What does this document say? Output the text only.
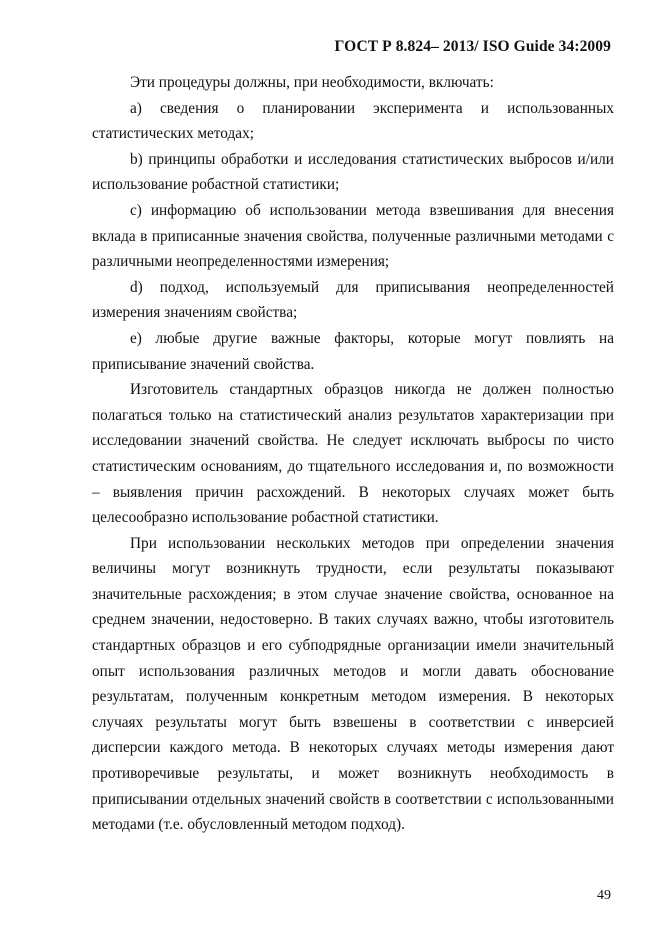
ГОСТ Р 8.824– 2013/ ISO Guide 34:2009

Эти процедуры должны, при необходимости, включать:

а) сведения о планировании эксперимента и использованных статистических методах;

b) принципы обработки и исследования статистических выбросов и/или использование робастной статистики;

c) информацию об использовании метода взвешивания для внесения вклада в приписанные значения свойства, полученные различными методами с различными неопределенностями измерения;

d) подход, используемый для приписывания неопределенностей измерения значениям свойства;

e) любые другие важные факторы, которые могут повлиять на приписывание значений свойства.

Изготовитель стандартных образцов никогда не должен полностью полагаться только на статистический анализ результатов характеризации при исследовании значений свойства. Не следует исключать выбросы по чисто статистическим основаниям, до тщательного исследования и, по возможности – выявления причин расхождений. В некоторых случаях может быть целесообразно использование робастной статистики.

При использовании нескольких методов при определении значения величины могут возникнуть трудности, если результаты показывают значительные расхождения; в этом случае значение свойства, основанное на среднем значении, недостоверно. В таких случаях важно, чтобы изготовитель стандартных образцов и его субподрядные организации имели значительный опыт использования различных методов и могли давать обоснование результатам, полученным конкретным методом измерения. В некоторых случаях результаты могут быть взвешены в соответствии с инверсией дисперсии каждого метода. В некоторых случаях методы измерения дают противоречивые результаты, и может возникнуть необходимость в приписывании отдельных значений свойств в соответствии с использованными методами (т.е. обусловленный методом подход).

49
